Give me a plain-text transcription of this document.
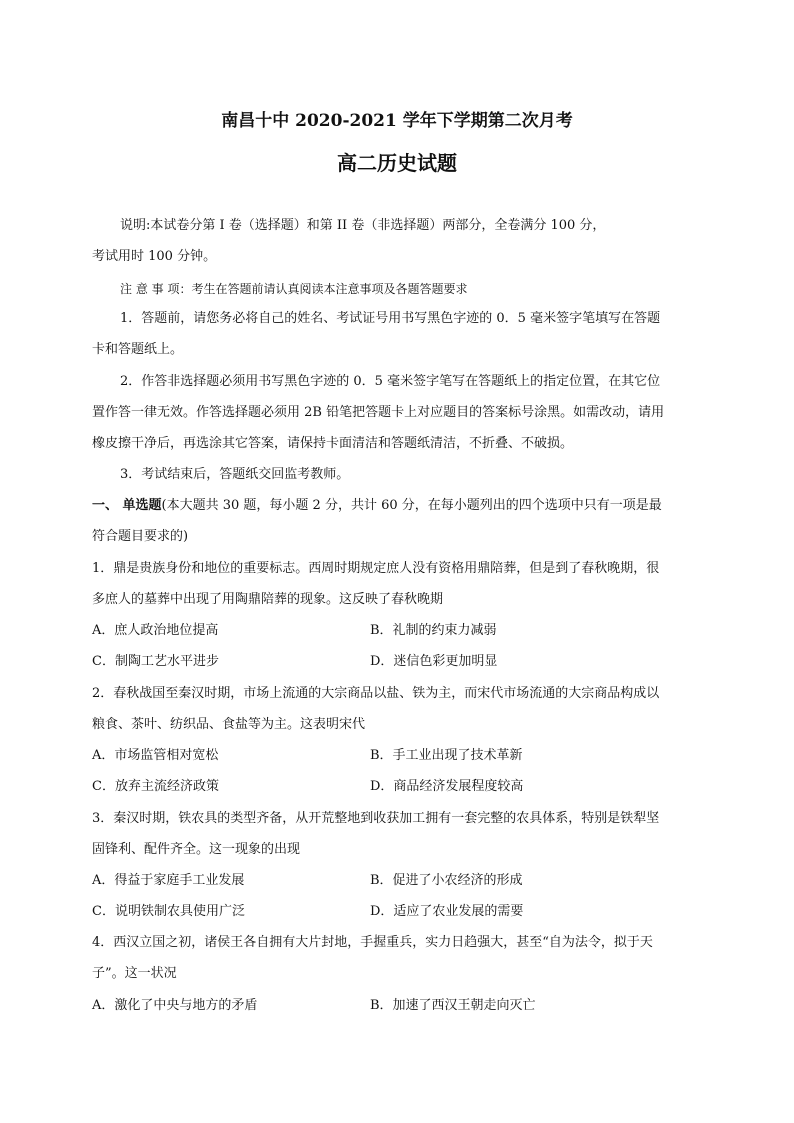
南昌十中 2020-2021 学年下学期第二次月考
高二历史试题

说明:本试卷分第 I 卷（选择题）和第 II 卷（非选择题）两部分，全卷满分 100 分，

考试用时 100 分钟。

注 意 事 项：考生在答题前请认真阅读本注意事项及各题答题要求

1．答题前，请您务必将自己的姓名、考试证号用书写黑色字迹的 0．5 毫米签字笔填写在答题

卡和答题纸上。

2．作答非选择题必须用书写黑色字迹的 0．5 毫米签字笔写在答题纸上的指定位置，在其它位

置作答一律无效。作答选择题必须用 2B 铅笔把答题卡上对应题目的答案标号涂黑。如需改动，请用

橡皮擦干净后，再选涂其它答案，请保持卡面清洁和答题纸清洁，不折叠、不破损。

3．考试结束后，答题纸交回监考教师。

一、 单选题(本大题共 30 题，每小题 2 分，共计 60 分，在每小题列出的四个选项中只有一项是最

符合题目要求的)

1．鼎是贵族身份和地位的重要标志。西周时期规定庶人没有资格用鼎陪葬，但是到了春秋晚期，很

多庶人的墓葬中出现了用陶鼎陪葬的现象。这反映了春秋晚期

A．庶人政治地位提高	B．礼制的约束力减弱

C．制陶工艺水平进步	D．迷信色彩更加明显

2．春秋战国至秦汉时期，市场上流通的大宗商品以盐、铁为主，而宋代市场流通的大宗商品构成以

粮食、茶叶、纺织品、食盐等为主。这表明宋代

A．市场监管相对宽松	B．手工业出现了技术革新

C．放弃主流经济政策	D．商品经济发展程度较高

3．秦汉时期，铁农具的类型齐备，从开荒整地到收获加工拥有一套完整的农具体系，特别是铁犁坚

固锋利、配件齐全。这一现象的出现

A．得益于家庭手工业发展	B．促进了小农经济的形成

C．说明铁制农具使用广泛	D．适应了农业发展的需要

4．西汉立国之初，诸侯王各自拥有大片封地，手握重兵，实力日趋强大，甚至“自为法令，拟于天

子”。这一状况

A．激化了中央与地方的矛盾	B．加速了西汉王朝走向灭亡
